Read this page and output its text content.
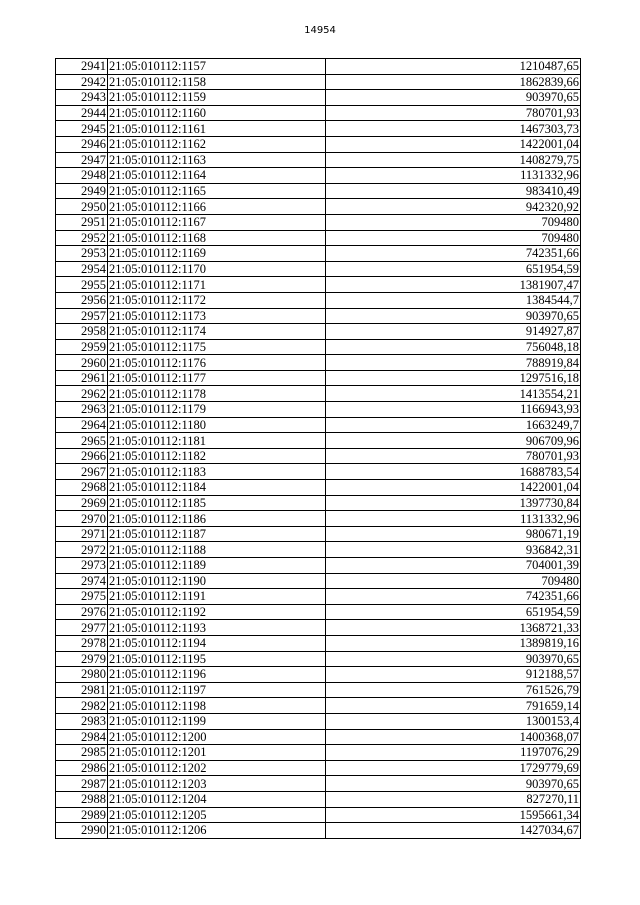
14954
2941	21:05:010112:1157	1210487,65
2942	21:05:010112:1158	1862839,66
2943	21:05:010112:1159	903970,65
2944	21:05:010112:1160	780701,93
2945	21:05:010112:1161	1467303,73
2946	21:05:010112:1162	1422001,04
2947	21:05:010112:1163	1408279,75
2948	21:05:010112:1164	1131332,96
2949	21:05:010112:1165	983410,49
2950	21:05:010112:1166	942320,92
2951	21:05:010112:1167	709480
2952	21:05:010112:1168	709480
2953	21:05:010112:1169	742351,66
2954	21:05:010112:1170	651954,59
2955	21:05:010112:1171	1381907,47
2956	21:05:010112:1172	1384544,7
2957	21:05:010112:1173	903970,65
2958	21:05:010112:1174	914927,87
2959	21:05:010112:1175	756048,18
2960	21:05:010112:1176	788919,84
2961	21:05:010112:1177	1297516,18
2962	21:05:010112:1178	1413554,21
2963	21:05:010112:1179	1166943,93
2964	21:05:010112:1180	1663249,7
2965	21:05:010112:1181	906709,96
2966	21:05:010112:1182	780701,93
2967	21:05:010112:1183	1688783,54
2968	21:05:010112:1184	1422001,04
2969	21:05:010112:1185	1397730,84
2970	21:05:010112:1186	1131332,96
2971	21:05:010112:1187	980671,19
2972	21:05:010112:1188	936842,31
2973	21:05:010112:1189	704001,39
2974	21:05:010112:1190	709480
2975	21:05:010112:1191	742351,66
2976	21:05:010112:1192	651954,59
2977	21:05:010112:1193	1368721,33
2978	21:05:010112:1194	1389819,16
2979	21:05:010112:1195	903970,65
2980	21:05:010112:1196	912188,57
2981	21:05:010112:1197	761526,79
2982	21:05:010112:1198	791659,14
2983	21:05:010112:1199	1300153,4
2984	21:05:010112:1200	1400368,07
2985	21:05:010112:1201	1197076,29
2986	21:05:010112:1202	1729779,69
2987	21:05:010112:1203	903970,65
2988	21:05:010112:1204	827270,11
2989	21:05:010112:1205	1595661,34
2990	21:05:010112:1206	1427034,67
